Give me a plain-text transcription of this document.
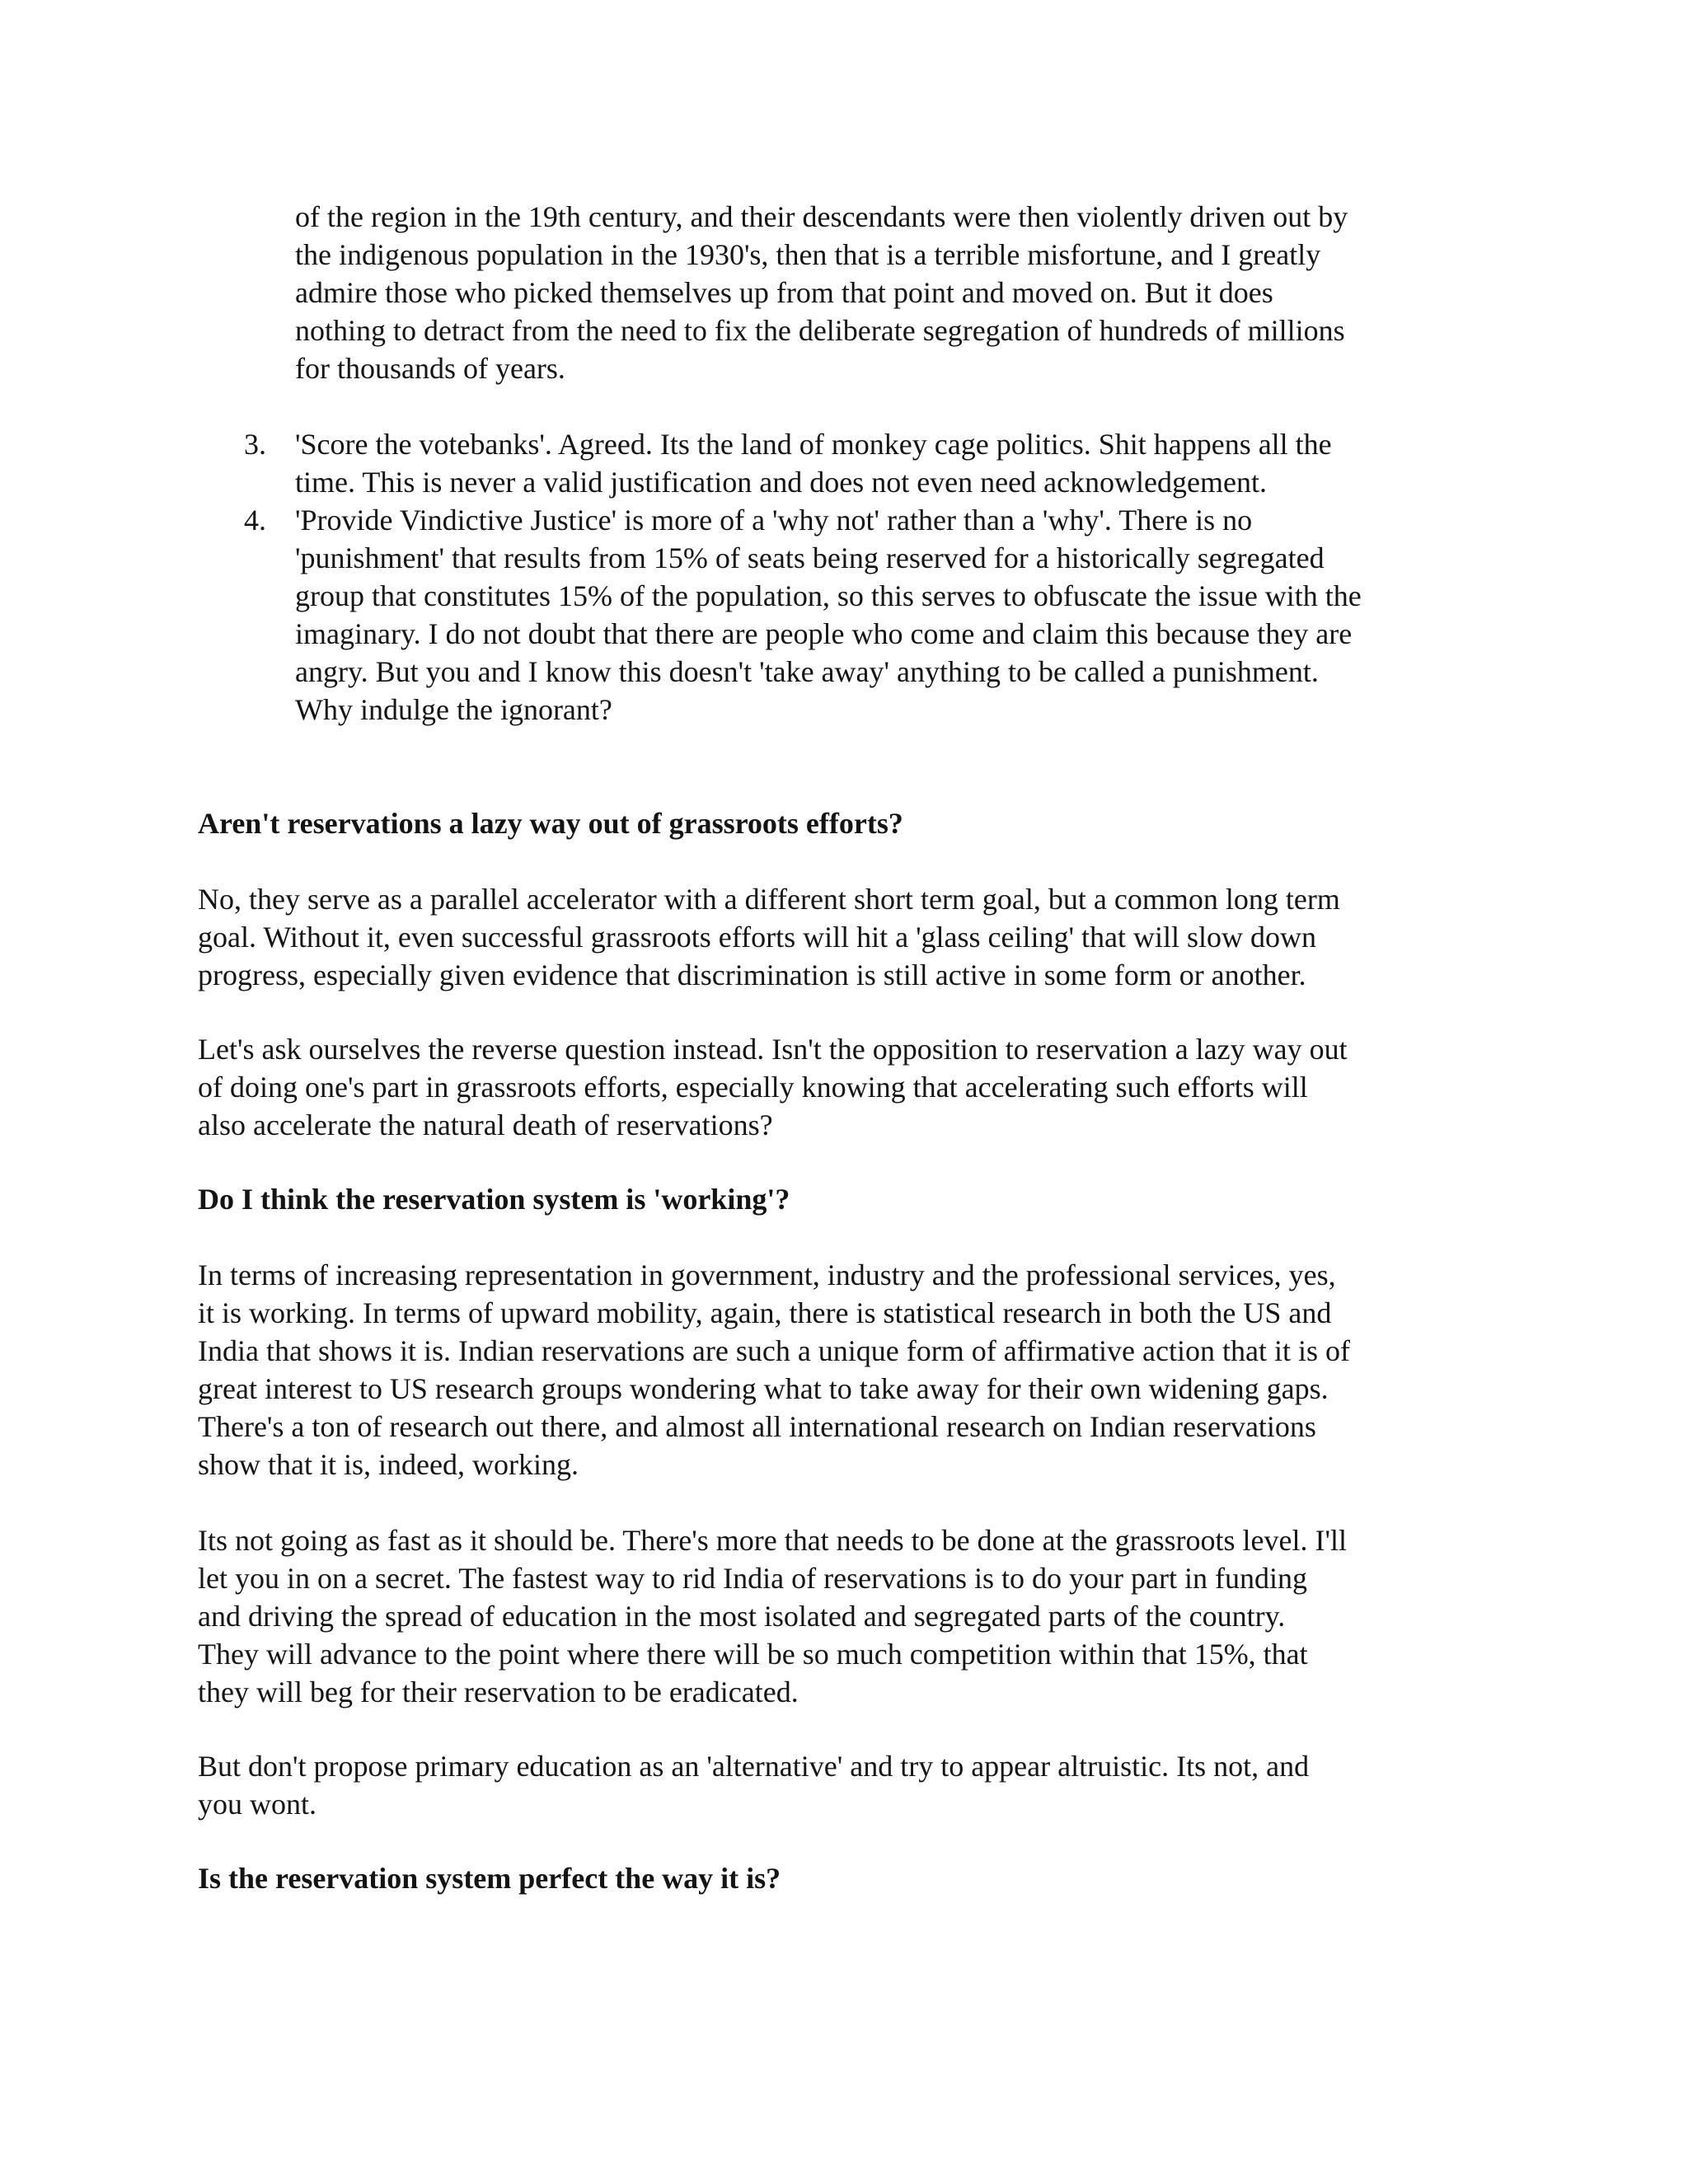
of the region in the 19th century, and their descendants were then violently driven out by
the indigenous population in the 1930's, then that is a terrible misfortune, and I greatly
admire those who picked themselves up from that point and moved on. But it does
nothing to detract from the need to fix the deliberate segregation of hundreds of millions
for thousands of years.
3. 'Score the votebanks'. Agreed. Its the land of monkey cage politics. Shit happens all the
time. This is never a valid justification and does not even need acknowledgement.
4. 'Provide Vindictive Justice' is more of a 'why not' rather than a 'why'. There is no
'punishment' that results from 15% of seats being reserved for a historically segregated
group that constitutes 15% of the population, so this serves to obfuscate the issue with the
imaginary. I do not doubt that there are people who come and claim this because they are
angry. But you and I know this doesn't 'take away' anything to be called a punishment.
Why indulge the ignorant?
Aren't reservations a lazy way out of grassroots efforts?
No, they serve as a parallel accelerator with a different short term goal, but a common long term
goal. Without it, even successful grassroots efforts will hit a 'glass ceiling' that will slow down
progress, especially given evidence that discrimination is still active in some form or another.
Let's ask ourselves the reverse question instead. Isn't the opposition to reservation a lazy way out
of doing one's part in grassroots efforts, especially knowing that accelerating such efforts will
also accelerate the natural death of reservations?
Do I think the reservation system is 'working'?
In terms of increasing representation in government, industry and the professional services, yes,
it is working. In terms of upward mobility, again, there is statistical research in both the US and
India that shows it is. Indian reservations are such a unique form of affirmative action that it is of
great interest to US research groups wondering what to take away for their own widening gaps.
There's a ton of research out there, and almost all international research on Indian reservations
show that it is, indeed, working.
Its not going as fast as it should be. There's more that needs to be done at the grassroots level. I'll
let you in on a secret. The fastest way to rid India of reservations is to do your part in funding
and driving the spread of education in the most isolated and segregated parts of the country.
They will advance to the point where there will be so much competition within that 15%, that
they will beg for their reservation to be eradicated.
But don't propose primary education as an 'alternative' and try to appear altruistic. Its not, and
you wont.
Is the reservation system perfect the way it is?
